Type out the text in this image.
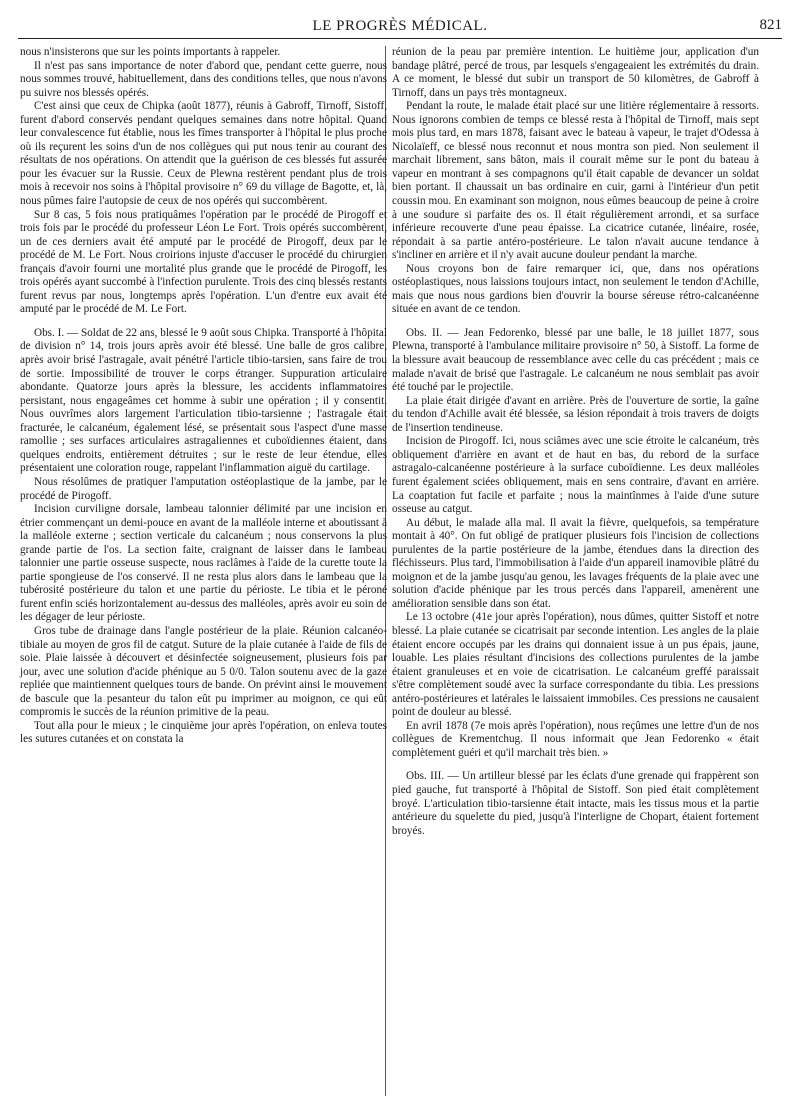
LE PROGRÈS MÉDICAL.	821

nous n'insisterons que sur les points importants à rappeler.

Il n'est pas sans importance de noter d'abord que, pendant cette guerre, nous nous sommes trouvé, habituellement, dans des conditions telles, que nous n'avons pu suivre nos blessés opérés.

C'est ainsi que ceux de Chipka (août 1877), réunis à Gabroff, Tirnoff, Sistoff, furent d'abord conservés pendant quelques semaines dans notre hôpital. Quand leur convalescence fut établie, nous les fîmes transporter à l'hôpital le plus proche où ils reçurent les soins d'un de nos collègues qui put nous tenir au courant des résultats de nos opérations. On attendit que la guérison de ces blessés fut assurée pour les évacuer sur la Russie. Ceux de Plewna restèrent pendant plus de trois mois à recevoir nos soins à l'hôpital provisoire n° 69 du village de Bagotte, et, là, nous pûmes faire l'autopsie de ceux de nos opérés qui succombèrent.

Sur 8 cas, 5 fois nous pratiquâmes l'opération par le procédé de Pirogoff et trois fois par le procédé du professeur Léon Le Fort. Trois opérés succombèrent, un de ces derniers avait été amputé par le procédé de Pirogoff, deux par le procédé de M. Le Fort. Nous croirions injuste d'accuser le procédé du chirurgien français d'avoir fourni une mortalité plus grande que le procédé de Pirogoff, les trois opérés ayant succombé à l'infection purulente. Trois des cinq blessés restants furent revus par nous, longtemps après l'opération. L'un d'entre eux avait été amputé par le procédé de M. Le Fort.

Obs. I. — Soldat de 22 ans, blessé le 9 août sous Chipka. Transporté à l'hôpital de division n° 14, trois jours après avoir été blessé. Une balle de gros calibre, après avoir brisé l'astragale, avait pénétré l'article tibio-tarsien, sans faire de trou de sortie. Impossibilité de trouver le corps étranger. Suppuration articulaire abondante. Quatorze jours après la blessure, les accidents inflammatoires persistant, nous engageâmes cet homme à subir une opération ; il y consentit. Nous ouvrîmes alors largement l'articulation tibio-tarsienne ; l'astragale était fracturée, le calcanéum, également lésé, se présentait sous l'aspect d'une masse ramollie ; ses surfaces articulaires astragaliennes et cuboïdiennes étaient, dans quelques endroits, entièrement détruites ; sur le reste de leur étendue, elles présentaient une coloration rouge, rappelant l'inflammation aiguë du cartilage.

Nous résolûmes de pratiquer l'amputation ostéoplastique de la jambe, par le procédé de Pirogoff.

Incision curviligne dorsale, lambeau talonnier délimité par une incision en étrier commençant un demi-pouce en avant de la malléole interne et aboutissant à la malléole externe ; section verticale du calcanéum ; nous conservons la plus grande partie de l'os. La section faite, craignant de laisser dans le lambeau talonnier une partie osseuse suspecte, nous raclâmes à l'aide de la curette toute la partie spongieuse de l'os conservé. Il ne resta plus alors dans le lambeau que la tubérosité postérieure du talon et une partie du périoste. Le tibia et le péroné furent enfin sciés horizontalement au-dessus des malléoles, après avoir eu soin de les dégager de leur périoste.

Gros tube de drainage dans l'angle postérieur de la plaie. Réunion calcanéo-tibiale au moyen de gros fil de catgut. Suture de la plaie cutanée à l'aide de fils de soie. Plaie laissée à découvert et désinfectée soigneusement, plusieurs fois par jour, avec une solution d'acide phénique au 5 0/0. Talon soutenu avec de la gaze repliée que maintiennent quelques tours de bande. On prévint ainsi le mouvement de bascule que la pesanteur du talon eût pu imprimer au moignon, ce qui eût compromis le succès de la réunion primitive de la peau.

Tout alla pour le mieux ; le cinquième jour après l'opération, on enleva toutes les sutures cutanées et on constata la

réunion de la peau par première intention. Le huitième jour, application d'un bandage plâtré, percé de trous, par lesquels s'engageaient les extrémités du drain. A ce moment, le blessé dut subir un transport de 50 kilomètres, de Gabroff à Tirnoff, dans un pays très montagneux.

Pendant la route, le malade était placé sur une litière réglementaire à ressorts. Nous ignorons combien de temps ce blessé resta à l'hôpital de Tirnoff, mais sept mois plus tard, en mars 1878, faisant avec le bateau à vapeur, le trajet d'Odessa à Nicolaïeff, ce blessé nous reconnut et nous montra son pied. Non seulement il marchait librement, sans bâton, mais il courait même sur le pont du bateau à vapeur en montrant à ses compagnons qu'il était capable de devancer un soldat bien portant. Il chaussait un bas ordinaire en cuir, garni à l'intérieur d'un petit coussin mou. En examinant son moignon, nous eûmes beaucoup de peine à croire à une soudure si parfaite des os. Il était régulièrement arrondi, et sa surface inférieure recouverte d'une peau épaisse. La cicatrice cutanée, linéaire, rosée, répondait à sa partie antéro-postérieure. Le talon n'avait aucune tendance à s'incliner en arrière et il n'y avait aucune douleur pendant la marche.

Nous croyons bon de faire remarquer ici, que, dans nos opérations ostéoplastiques, nous laissions toujours intact, non seulement le tendon d'Achille, mais que nous nous gardions bien d'ouvrir la bourse séreuse rétro-calcanéenne située en avant de ce tendon.

Obs. II. — Jean Fedorenko, blessé par une balle, le 18 juillet 1877, sous Plewna, transporté à l'ambulance militaire provisoire n° 50, à Sistoff. La forme de la blessure avait beaucoup de ressemblance avec celle du cas précédent ; mais ce malade n'avait de brisé que l'astragale. Le calcanéum ne nous semblait pas avoir été touché par le projectile.

La plaie était dirigée d'avant en arrière. Près de l'ouverture de sortie, la gaîne du tendon d'Achille avait été blessée, sa lésion répondait à trois travers de doigts de l'insertion tendineuse.

Incision de Pirogoff. Ici, nous sciâmes avec une scie étroite le calcanéum, très obliquement d'arrière en avant et de haut en bas, du rebord de la surface astragalo-calcanéenne postérieure à la surface cuboïdienne. Les deux malléoles furent également sciées obliquement, mais en sens contraire, d'avant en arrière. La coaptation fut facile et parfaite ; nous la maintînmes à l'aide d'une suture osseuse au catgut.

Au début, le malade alla mal. Il avait la fièvre, quelquefois, sa température montait à 40°. On fut obligé de pratiquer plusieurs fois l'incision de collections purulentes de la partie postérieure de la jambe, étendues dans la direction des fléchisseurs. Plus tard, l'immobilisation à l'aide d'un appareil inamovible plâtré du moignon et de la jambe jusqu'au genou, les lavages fréquents de la plaie avec une solution d'acide phénique par les trous percés dans l'appareil, amenèrent une amélioration sensible dans son état.

Le 13 octobre (41e jour après l'opération), nous dûmes, quitter Sistoff et notre blessé. La plaie cutanée se cicatrisait par seconde intention. Les angles de la plaie étaient encore occupés par les drains qui donnaient issue à un pus épais, jaune, louable. Les plaies résultant d'incisions des collections purulentes de la jambe étaient granuleuses et en voie de cicatrisation. Le calcanéum greffé paraissait s'être complètement soudé avec la surface correspondante du tibia. Les pressions antéro-postérieures et latérales le laissaient immobiles. Ces pressions ne causaient point de douleur au blessé.

En avril 1878 (7e mois après l'opération), nous reçûmes une lettre d'un de nos collègues de Krementchug. Il nous informait que Jean Fedorenko « était complètement guéri et qu'il marchait très bien. »

Obs. III. — Un artilleur blessé par les éclats d'une grenade qui frappèrent son pied gauche, fut transporté à l'hôpital de Sistoff. Son pied était complètement broyé. L'articulation tibio-tarsienne était intacte, mais les tissus mous et la partie antérieure du squelette du pied, jusqu'à l'interligne de Chopart, étaient fortement broyés.
